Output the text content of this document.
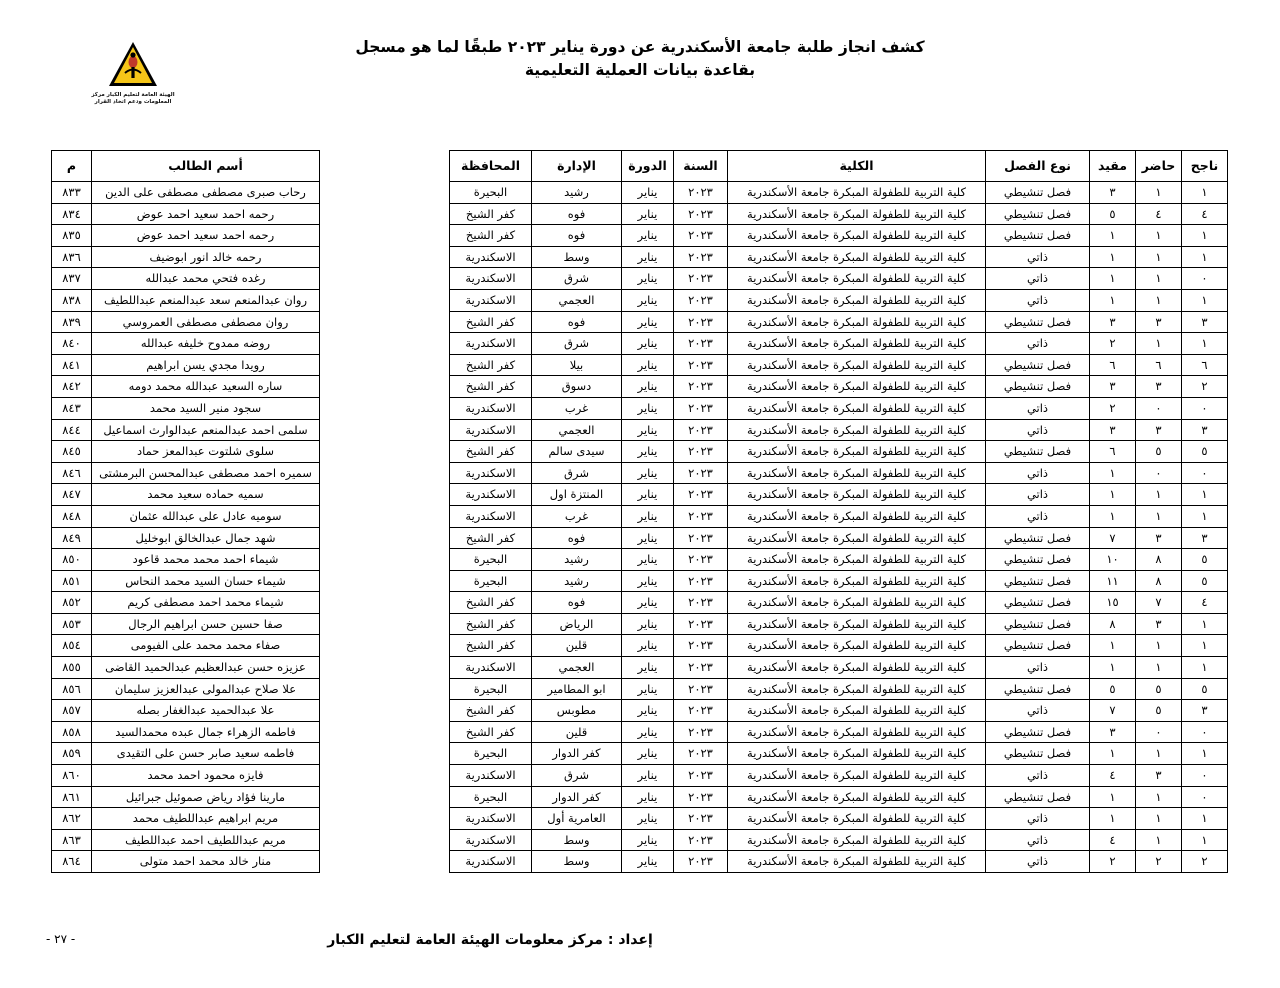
كشف انجاز طلبة جامعة الأسكندرية عن دورة يناير ٢٠٢٣ طبقًا لما هو مسجل بقاعدة بيانات العملية التعليمية
الهيئة العامة لتعليم الكبار مركز المعلومات ودعم اتخاذ القرار
ناجح	حاضر	مقيد	نوع الفصل	الكلية	السنة	الدورة	الإدارة	المحافظة		أسم الطالب	م
١	١	٣	فصل تنشيطي	كلية التربية للطفولة المبكرة جامعة الأسكندرية	٢٠٢٣	يناير	رشيد	البحيرة		رحاب صبرى مصطفى مصطفى على الدين	٨٣٣
٤	٤	٥	فصل تنشيطي	كلية التربية للطفولة المبكرة جامعة الأسكندرية	٢٠٢٣	يناير	فوه	كفر الشيخ		رحمه احمد سعيد احمد عوض	٨٣٤
١	١	١	فصل تنشيطي	كلية التربية للطفولة المبكرة جامعة الأسكندرية	٢٠٢٣	يناير	فوه	كفر الشيخ		رحمه احمد سعيد احمد عوض	٨٣٥
١	١	١	ذاتي	كلية التربية للطفولة المبكرة جامعة الأسكندرية	٢٠٢٣	يناير	وسط	الاسكندرية		رحمه خالد انور ابوضيف	٨٣٦
٠	١	١	ذاتي	كلية التربية للطفولة المبكرة جامعة الأسكندرية	٢٠٢٣	يناير	شرق	الاسكندرية		رغده فتحي محمد عبدالله	٨٣٧
١	١	١	ذاتي	كلية التربية للطفولة المبكرة جامعة الأسكندرية	٢٠٢٣	يناير	العجمي	الاسكندرية		روان عبدالمنعم سعد عبدالمنعم عبداللطيف	٨٣٨
٣	٣	٣	فصل تنشيطي	كلية التربية للطفولة المبكرة جامعة الأسكندرية	٢٠٢٣	يناير	فوه	كفر الشيخ		روان مصطفى مصطفى العمروسي	٨٣٩
١	١	٢	ذاتي	كلية التربية للطفولة المبكرة جامعة الأسكندرية	٢٠٢٣	يناير	شرق	الاسكندرية		روضه ممدوح خليفه عبدالله	٨٤٠
٦	٦	٦	فصل تنشيطي	كلية التربية للطفولة المبكرة جامعة الأسكندرية	٢٠٢٣	يناير	بيلا	كفر الشيخ		رويدا مجدي يسن ابراهيم	٨٤١
٢	٣	٣	فصل تنشيطي	كلية التربية للطفولة المبكرة جامعة الأسكندرية	٢٠٢٣	يناير	دسوق	كفر الشيخ		ساره السعيد عبدالله محمد دومه	٨٤٢
٠	٠	٢	ذاتي	كلية التربية للطفولة المبكرة جامعة الأسكندرية	٢٠٢٣	يناير	غرب	الاسكندرية		سجود منير السيد محمد	٨٤٣
٣	٣	٣	ذاتي	كلية التربية للطفولة المبكرة جامعة الأسكندرية	٢٠٢٣	يناير	العجمي	الاسكندرية		سلمى احمد عبدالمنعم عبدالوارث اسماعيل	٨٤٤
٥	٥	٦	فصل تنشيطي	كلية التربية للطفولة المبكرة جامعة الأسكندرية	٢٠٢٣	يناير	سيدى سالم	كفر الشيخ		سلوى شلتوت عبدالمعز حماد	٨٤٥
٠	٠	١	ذاتي	كلية التربية للطفولة المبكرة جامعة الأسكندرية	٢٠٢٣	يناير	شرق	الاسكندرية		سميره احمد مصطفى عبدالمحسن البرمشتى	٨٤٦
١	١	١	ذاتي	كلية التربية للطفولة المبكرة جامعة الأسكندرية	٢٠٢٣	يناير	المنتزة اول	الاسكندرية		سميه حماده سعيد محمد	٨٤٧
١	١	١	ذاتي	كلية التربية للطفولة المبكرة جامعة الأسكندرية	٢٠٢٣	يناير	غرب	الاسكندرية		سوميه عادل على عبدالله عثمان	٨٤٨
٣	٣	٧	فصل تنشيطي	كلية التربية للطفولة المبكرة جامعة الأسكندرية	٢٠٢٣	يناير	فوه	كفر الشيخ		شهد جمال عبدالخالق ابوخليل	٨٤٩
٥	٨	١٠	فصل تنشيطي	كلية التربية للطفولة المبكرة جامعة الأسكندرية	٢٠٢٣	يناير	رشيد	البحيرة		شيماء احمد محمد محمد قاعود	٨٥٠
٥	٨	١١	فصل تنشيطي	كلية التربية للطفولة المبكرة جامعة الأسكندرية	٢٠٢٣	يناير	رشيد	البحيرة		شيماء حسان السيد محمد النحاس	٨٥١
٤	٧	١٥	فصل تنشيطي	كلية التربية للطفولة المبكرة جامعة الأسكندرية	٢٠٢٣	يناير	فوه	كفر الشيخ		شيماء محمد احمد مصطفى كريم	٨٥٢
١	٣	٨	فصل تنشيطي	كلية التربية للطفولة المبكرة جامعة الأسكندرية	٢٠٢٣	يناير	الرياض	كفر الشيخ		صفا حسين حسن ابراهيم الرجال	٨٥٣
١	١	١	فصل تنشيطي	كلية التربية للطفولة المبكرة جامعة الأسكندرية	٢٠٢٣	يناير	قلين	كفر الشيخ		صفاء محمد محمد على الفيومى	٨٥٤
١	١	١	ذاتي	كلية التربية للطفولة المبكرة جامعة الأسكندرية	٢٠٢٣	يناير	العجمي	الاسكندرية		عزيزه حسن عبدالعظيم عبدالحميد القاضى	٨٥٥
٥	٥	٥	فصل تنشيطي	كلية التربية للطفولة المبكرة جامعة الأسكندرية	٢٠٢٣	يناير	ابو المطامير	البحيرة		علا صلاح عبدالمولى عبدالعزيز سليمان	٨٥٦
٣	٥	٧	ذاتي	كلية التربية للطفولة المبكرة جامعة الأسكندرية	٢٠٢٣	يناير	مطوبس	كفر الشيخ		علا عبدالحميد عبدالغفار بصله	٨٥٧
٠	٠	٣	فصل تنشيطي	كلية التربية للطفولة المبكرة جامعة الأسكندرية	٢٠٢٣	يناير	قلين	كفر الشيخ		فاطمه الزهراء جمال عبده محمدالسيد	٨٥٨
١	١	١	فصل تنشيطي	كلية التربية للطفولة المبكرة جامعة الأسكندرية	٢٠٢٣	يناير	كفر الدوار	البحيرة		فاطمه سعيد صابر حسن على التقيدى	٨٥٩
٠	٣	٤	ذاتي	كلية التربية للطفولة المبكرة جامعة الأسكندرية	٢٠٢٣	يناير	شرق	الاسكندرية		فايزه محمود احمد محمد	٨٦٠
٠	١	١	فصل تنشيطي	كلية التربية للطفولة المبكرة جامعة الأسكندرية	٢٠٢٣	يناير	كفر الدوار	البحيرة		مارينا فؤاد رياض صموئيل جبرائيل	٨٦١
١	١	١	ذاتي	كلية التربية للطفولة المبكرة جامعة الأسكندرية	٢٠٢٣	يناير	العامرية أول	الاسكندرية		مريم ابراهيم عبداللطيف محمد	٨٦٢
١	١	٤	ذاتي	كلية التربية للطفولة المبكرة جامعة الأسكندرية	٢٠٢٣	يناير	وسط	الاسكندرية		مريم عبداللطيف احمد عبداللطيف	٨٦٣
٢	٢	٢	ذاتي	كلية التربية للطفولة المبكرة جامعة الأسكندرية	٢٠٢٣	يناير	وسط	الاسكندرية		منار خالد محمد احمد متولى	٨٦٤
إعداد : مركز معلومات الهيئة العامة لتعليم الكبار
- ٢٧ -
